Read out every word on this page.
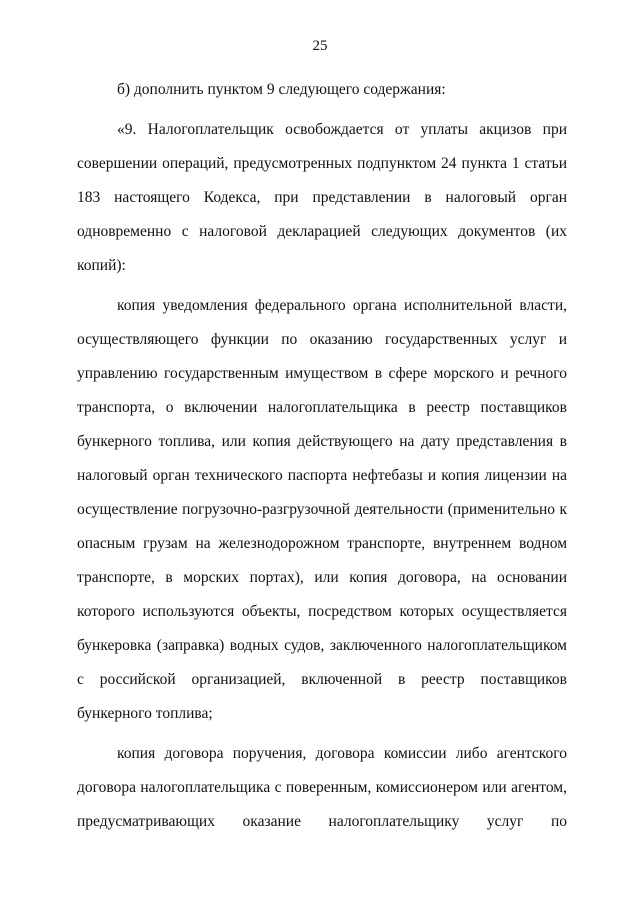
25

б) дополнить пунктом 9 следующего содержания:

«9. Налогоплательщик освобождается от уплаты акцизов при совершении операций, предусмотренных подпунктом 24 пункта 1 статьи 183 настоящего Кодекса, при представлении в налоговый орган одновременно с налоговой декларацией следующих документов (их копий):

копия уведомления федерального органа исполнительной власти, осуществляющего функции по оказанию государственных услуг и управлению государственным имуществом в сфере морского и речного транспорта, о включении налогоплательщика в реестр поставщиков бункерного топлива, или копия действующего на дату представления в налоговый орган технического паспорта нефтебазы и копия лицензии на осуществление погрузочно-разгрузочной деятельности (применительно к опасным грузам на железнодорожном транспорте, внутреннем водном транспорте, в морских портах), или копия договора, на основании которого используются объекты, посредством которых осуществляется бункеровка (заправка) водных судов, заключенного налогоплательщиком с российской организацией, включенной в реестр поставщиков бункерного топлива;

копия договора поручения, договора комиссии либо агентского договора налогоплательщика с поверенным, комиссионером или агентом, предусматривающих оказание налогоплательщику услуг по
